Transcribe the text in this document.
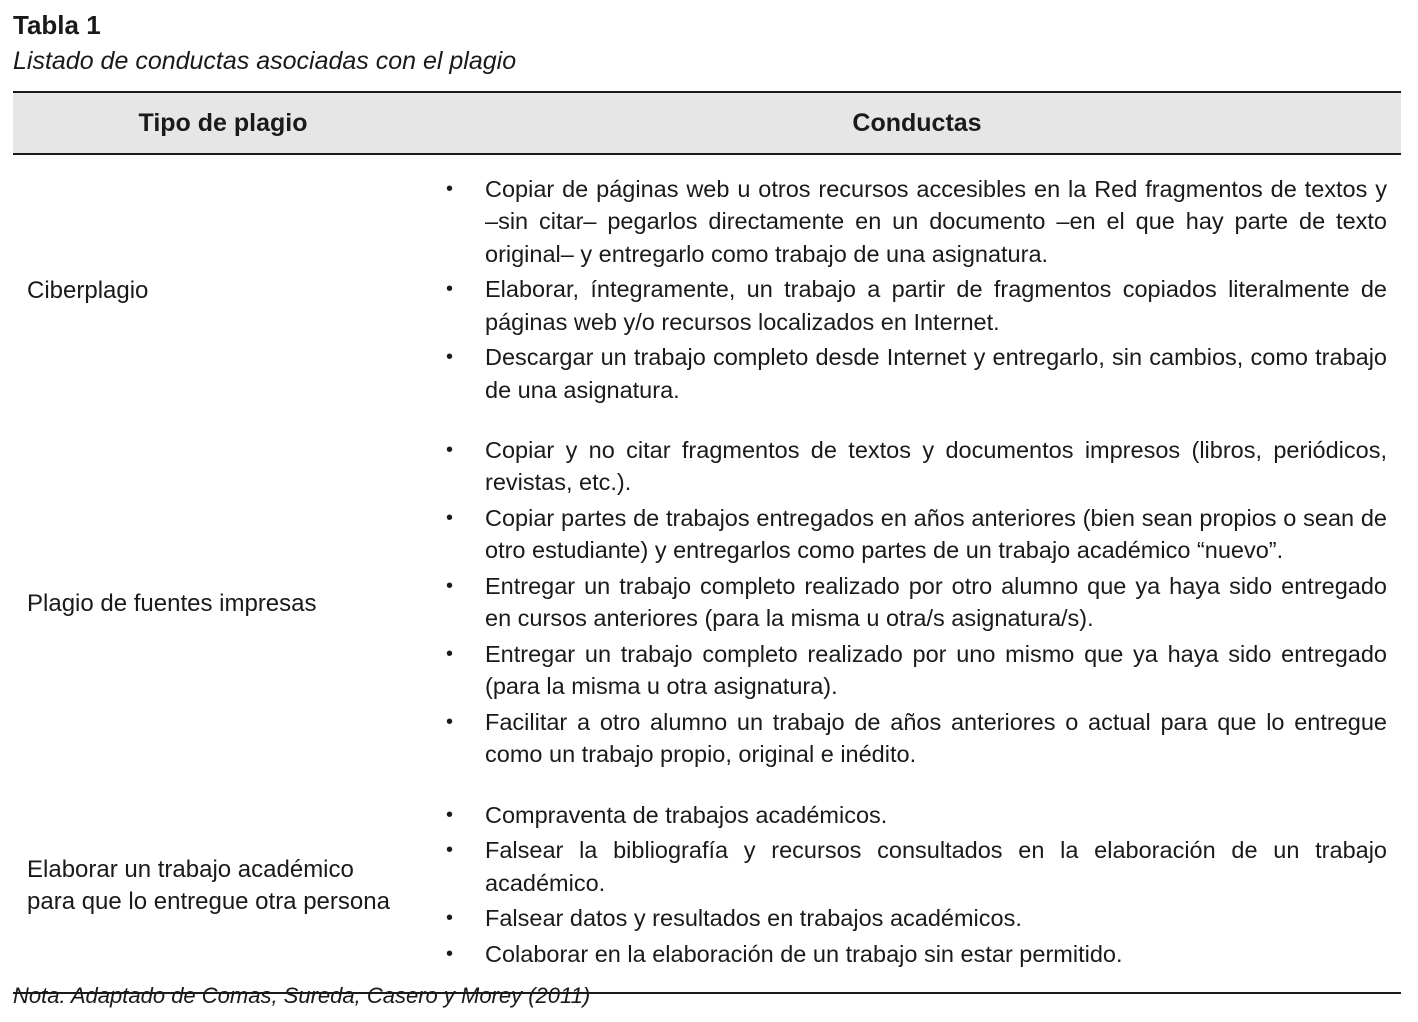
Tabla 1
Listado de conductas asociadas con el plagio
Tipo de plagio	Conductas
Ciberplagio
• Copiar de páginas web u otros recursos accesibles en la Red fragmentos de textos y –sin citar– pegarlos directamente en un documento –en el que hay parte de texto original– y entregarlo como trabajo de una asignatura.
• Elaborar, íntegramente, un trabajo a partir de fragmentos copiados literalmente de páginas web y/o recursos localizados en Internet.
• Descargar un trabajo completo desde Internet y entregarlo, sin cambios, como trabajo de una asignatura.
Plagio de fuentes impresas
• Copiar y no citar fragmentos de textos y documentos impresos (libros, periódicos, revistas, etc.).
• Copiar partes de trabajos entregados en años anteriores (bien sean propios o sean de otro estudiante) y entregarlos como partes de un trabajo académico “nuevo”.
• Entregar un trabajo completo realizado por otro alumno que ya haya sido entregado en cursos anteriores (para la misma u otra/s asignatura/s).
• Entregar un trabajo completo realizado por uno mismo que ya haya sido entregado (para la misma u otra asignatura).
• Facilitar a otro alumno un trabajo de años anteriores o actual para que lo entregue como un trabajo propio, original e inédito.
Elaborar un trabajo académico
para que lo entregue otra persona
• Compraventa de trabajos académicos.
• Falsear la bibliografía y recursos consultados en la elaboración de un trabajo académico.
• Falsear datos y resultados en trabajos académicos.
• Colaborar en la elaboración de un trabajo sin estar permitido.
Nota. Adaptado de Comas, Sureda, Casero y Morey (2011)
